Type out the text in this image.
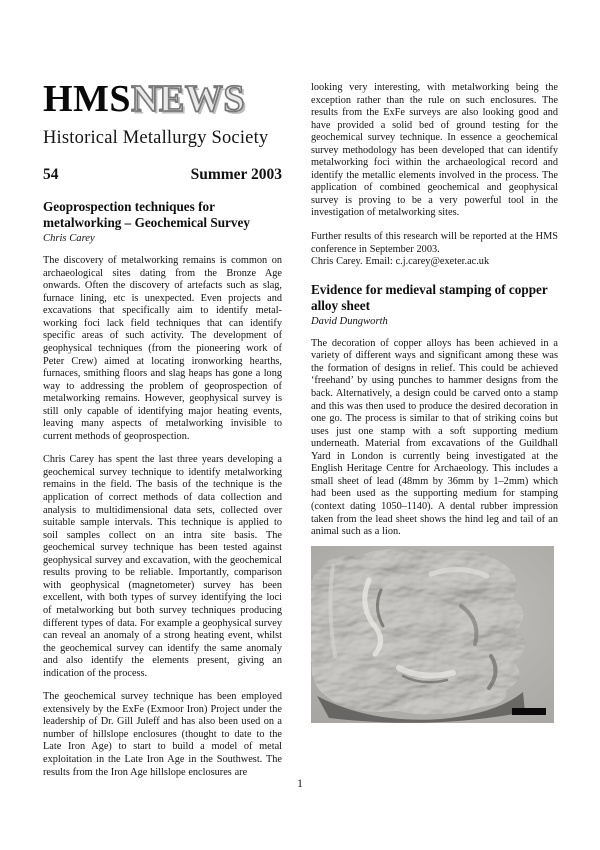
HMSNEWS
Historical Metallurgy Society
54	Summer 2003
Geoprospection techniques for metalworking – Geochemical Survey
Chris Carey

The discovery of metalworking remains is common on archaeological sites dating from the Bronze Age onwards. Often the discovery of artefacts such as slag, furnace lining, etc is unexpected. Even projects and excavations that specifically aim to identify metal-working foci lack field techniques that can identify specific areas of such activity. The development of geophysical techniques (from the pioneering work of Peter Crew) aimed at locating ironworking hearths, furnaces, smithing floors and slag heaps has gone a long way to addressing the problem of geoprospection of metalworking remains. However, geophysical survey is still only capable of identifying major heating events, leaving many aspects of metalworking invisible to current methods of geoprospection.

Chris Carey has spent the last three years developing a geochemical survey technique to identify metalworking remains in the field. The basis of the technique is the application of correct methods of data collection and analysis to multidimensional data sets, collected over suitable sample intervals. This technique is applied to soil samples collect on an intra site basis. The geochemical survey technique has been tested against geophysical survey and excavation, with the geochemical results proving to be reliable. Importantly, comparison with geophysical (magnetometer) survey has been excellent, with both types of survey identifying the loci of metalworking but both survey techniques producing different types of data. For example a geophysical survey can reveal an anomaly of a strong heating event, whilst the geochemical survey can identify the same anomaly and also identify the elements present, giving an indication of the process.

The geochemical survey technique has been employed extensively by the ExFe (Exmoor Iron) Project under the leadership of Dr. Gill Juleff and has also been used on a number of hillslope enclosures (thought to date to the Late Iron Age) to start to build a model of metal exploitation in the Late Iron Age in the Southwest. The results from the Iron Age hillslope enclosures are

looking very interesting, with metalworking being the exception rather than the rule on such enclosures. The results from the ExFe surveys are also looking good and have provided a solid bed of ground testing for the geochemical survey technique. In essence a geochemical survey methodology has been developed that can identify metalworking foci within the archaeological record and identify the metallic elements involved in the process. The application of combined geochemical and geophysical survey is proving to be a very powerful tool in the investigation of metalworking sites.

Further results of this research will be reported at the HMS conference in September 2003.
Chris Carey. Email: c.j.carey@exeter.ac.uk

Evidence for medieval stamping of copper alloy sheet
David Dungworth

The decoration of copper alloys has been achieved in a variety of different ways and significant among these was the formation of designs in relief. This could be achieved ‘freehand’ by using punches to hammer designs from the back. Alternatively, a design could be carved onto a stamp and this was then used to produce the desired decoration in one go. The process is similar to that of striking coins but uses just one stamp with a soft supporting medium underneath. Material from excavations of the Guildhall Yard in London is currently being investigated at the English Heritage Centre for Archaeology. This includes a small sheet of lead (48mm by 36mm by 1–2mm) which had been used as the supporting medium for stamping (context dating 1050–1140). A dental rubber impression taken from the lead sheet shows the hind leg and tail of an animal such as a lion.

1
